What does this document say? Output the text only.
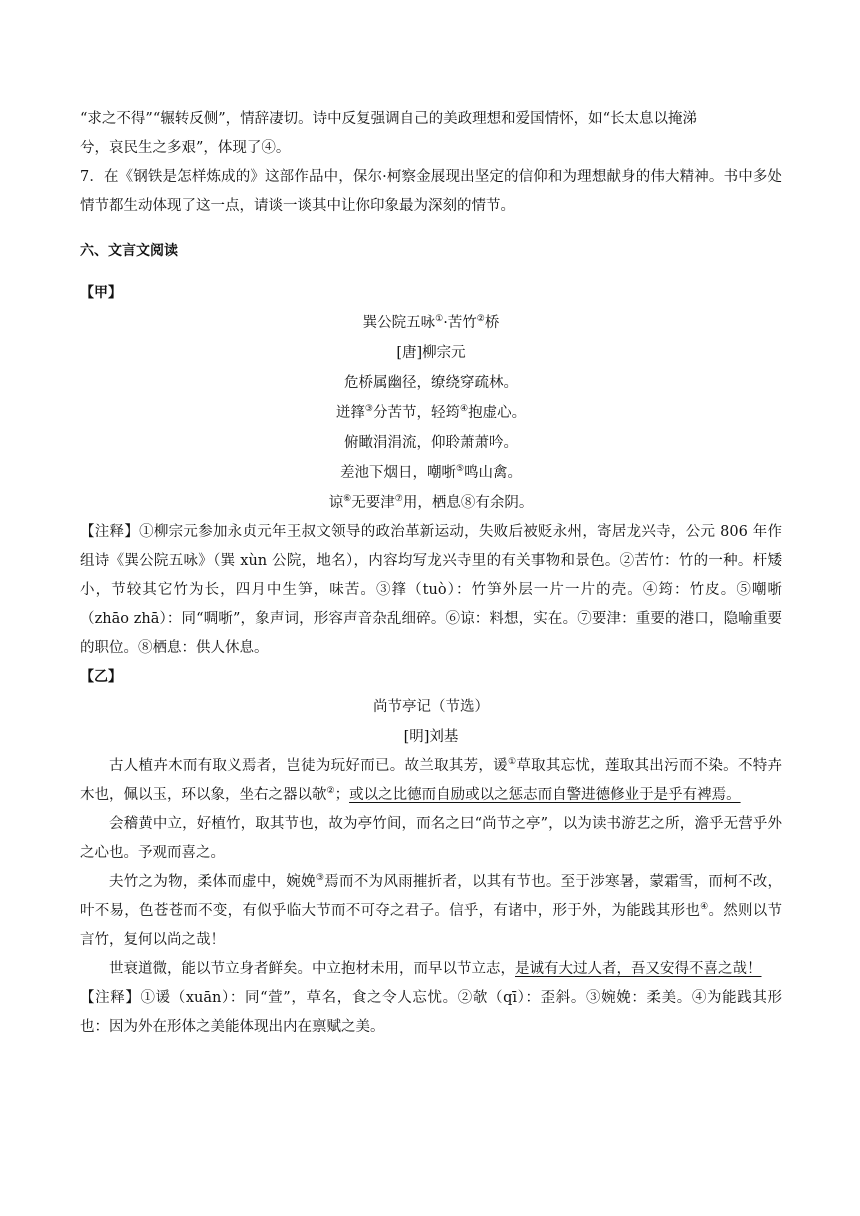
“求之不得”“辗转反侧”，情辞凄切。诗中反复强调自己的美政理想和爱国情怀，如“长太息以掩涕

兮，哀民生之多艰”，体现了④。

7．在《钢铁是怎样炼成的》这部作品中，保尔·柯察金展现出坚定的信仰和为理想献身的伟大精神。书中多处情节都生动体现了这一点，请谈一谈其中让你印象最为深刻的情节。

六、文言文阅读

【甲】

巽公院五咏①·苦竹②桥

[唐]柳宗元

危桥属幽径，缭绕穿疏林。

迸箨③分苦节，轻筠④抱虚心。

俯瞰涓涓流，仰聆萧萧吟。

差池下烟日，嘲哳⑤鸣山禽。

谅⑥无要津⑦用，栖息⑧有余阴。

【注释】①柳宗元参加永贞元年王叔文领导的政治革新运动，失败后被贬永州，寄居龙兴寺，公元 806 年作组诗《巽公院五咏》（巽 xùn 公院，地名），内容均写龙兴寺里的有关事物和景色。②苦竹：竹的一种。杆矮小，节较其它竹为长，四月中生笋，味苦。③箨（tuò）：竹笋外层一片一片的壳。④筠：竹皮。⑤嘲哳（zhāo zhā）：同“啁哳”，象声词，形容声音杂乱细碎。⑥谅：料想，实在。⑦要津：重要的港口，隐喻重要的职位。⑧栖息：供人休息。

【乙】

尚节亭记（节选）

[明]刘基

古人植卉木而有取义焉者，岂徒为玩好而已。故兰取其芳，谖①草取其忘忧，莲取其出污而不染。不特卉木也，佩以玉，环以象，坐右之器以欹②；或以之比德而自励或以之惩志而自警进德修业于是乎有裨焉。

会稽黄中立，好植竹，取其节也，故为亭竹间，而名之曰“尚节之亭”，以为读书游艺之所，澹乎无营乎外之心也。予观而喜之。

夫竹之为物，柔体而虚中，婉娩③焉而不为风雨摧折者，以其有节也。至于涉寒暑，蒙霜雪，而柯不改，叶不易，色苍苍而不变，有似乎临大节而不可夺之君子。信乎，有诸中，形于外，为能践其形也④。然则以节言竹，复何以尚之哉！

世衰道微，能以节立身者鲜矣。中立抱材未用，而早以节立志，是诚有大过人者，吾又安得不喜之哉！

【注释】①谖（xuān）：同“萱”，草名，食之令人忘忧。②欹（qī）：歪斜。③婉娩：柔美。④为能践其形也：因为外在形体之美能体现出内在禀赋之美。
